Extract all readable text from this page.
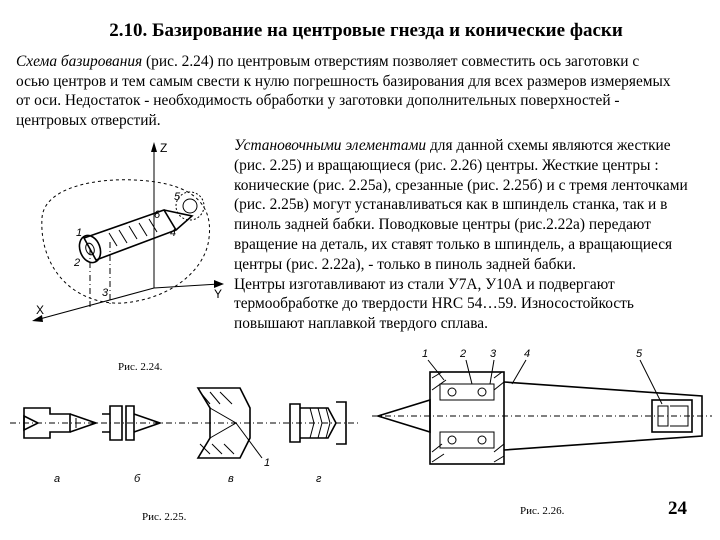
2.10. Базирование на центровые гнезда и конические фаски
Схема базирования (рис. 2.24) по центровым отверстиям позволяет совместить ось заготовки с
осью центров и тем самым свести к нулю погрешность базирования для всех размеров измеряемых
от оси. Недостаток - необходимость обработки у заготовки дополнительных поверхностей -
центровых отверстий.
Установочными элементами для данной схемы являются жесткие
(рис. 2.25) и вращающиеся (рис. 2.26) центры. Жесткие центры :
конические (рис. 2.25а), срезанные (рис. 2.25б) и с тремя ленточками
(рис. 2.25в) могут устанавливаться как в шпиндель станка, так и в
пиноль задней бабки. Поводковые центры (рис.2.22а) передают
вращение на деталь, их ставят только в шпиндель, а вращающиеся
центры (рис. 2.22а), - только в пиноль задней бабки.
Центры изготавливают из стали У7А, У10А и подвергают
термообработке до твердости HRC 54…59. Износостойкость
повышают наплавкой твердого сплава.
Z
X
Y
1
2
3
4
5
6
Рис. 2.24.
а	б	в	г
1
Рис. 2.25.
1	2 3	4	5
Рис. 2.26.	24
